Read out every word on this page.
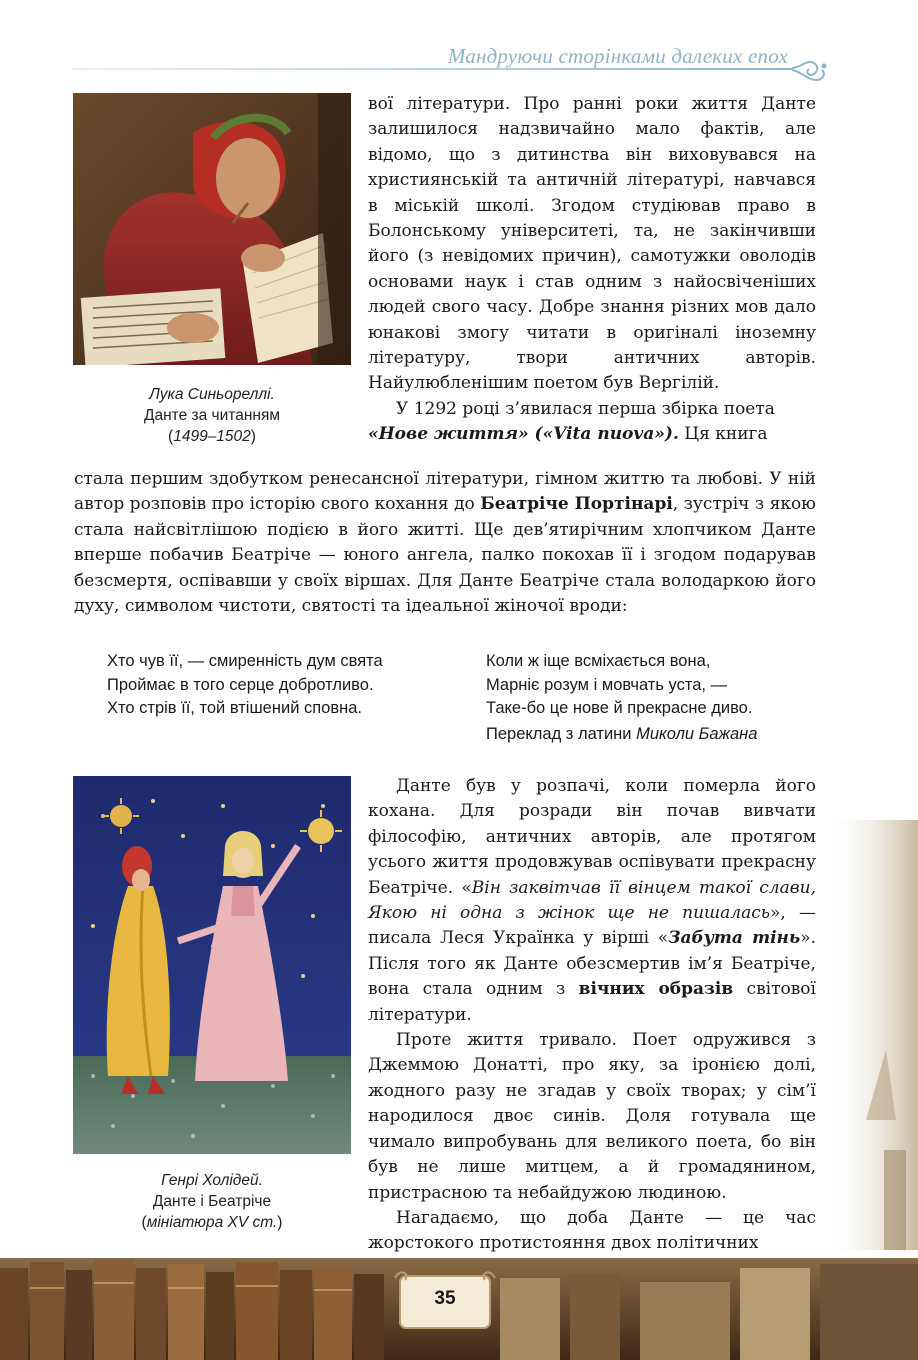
Мандруючи сторінками далеких епох
Лука Синьореллі.
Данте за читанням
(1499–1502)

вої літератури. Про ранні роки життя Данте залишилося надзвичайно мало фактів, але відомо, що з дитинства він виховувався на християнській та античній літературі, навчався в міській школі. Згодом студіював право в Болонському університеті, та, не закінчивши його (з невідомих причин), самотужки оволодів основами наук і став одним з найосвіченіших людей свого часу. Добре знання різних мов дало юнакові змогу читати в оригіналі іноземну літературу, твори античних авторів. Найулюбленішим поетом був Вергілій.

У 1292 році з’явилася перша збірка поета

«Нове життя» («Vita nuova»). Ця книга

стала першим здобутком ренесансної літератури, гімном життю та любові. У ній автор розповів про історію свого кохання до Беатріче Портінарі, зустріч з якою стала найсвітлішою подією в його житті. Ще дев’ятирічним хлопчиком Данте вперше побачив Беатріче — юного ангела, палко покохав її і згодом подарував безсмертя, оспівавши у своїх віршах. Для Данте Беатріче стала володаркою його духу, символом чистоти, святості та ідеальної жіночої вроди:

Хто чув її, — смиренність дум свята
Проймає в того серце добротливо.
Хто стрів її, той втішений сповна.
Коли ж іще всміхається вона,
Марніє розум і мовчать уста, —
Таке-бо це нове й прекрасне диво.
Переклад з латини Миколи Бажана
Генрі Холідей.
Данте і Беатріче
(мініатюра XV ст.)

Данте був у розпачі, коли померла його кохана. Для розради він почав вивчати філософію, античних авторів, але протягом усього життя продовжував оспівувати прекрасну Беатріче. «Він заквітчав її вінцем такої слави, Якою ні одна з жінок ще не пишалась», — писала Леся Українка у вірші «Забута тінь». Після того як Данте обезсмертив ім’я Беатріче, вона стала одним з вічних образів світової літератури.

Проте життя тривало. Поет одружився з Джеммою Донатті, про яку, за іронією долі, жодного разу не згадав у своїх творах; у сім’ї народилося двоє синів. Доля готувала ще чимало випробувань для великого поета, бо він був не лише митцем, а й громадянином, пристрасною та небайдужою людиною.

Нагадаємо, що доба Данте — це час жорстокого протистояння двох політичних

35
